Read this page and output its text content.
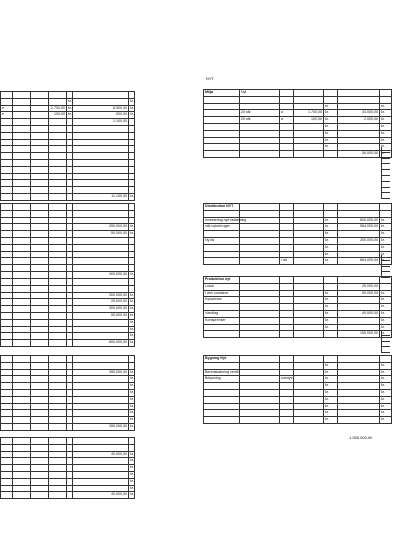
NYT

				kr.		kr.
e			1.700,00	kr.	8.500,00	kr.
e			100,00	kr.	500,00	kr.
					1.100,00	

					11.100,00	kr.

					350.000,00	kr.
					50.000,00	kr.

					400.000,00	kr.

					300.000,00	kr.
					25.000,00	kr.
					300.000,00	kr.
					50.000,00	kr.
						kr.
						kr.
						kr.
					600.000,00	kr.

					350.000,00	kr.
						kr.
						kr.
						kr.
						kr.
						kr.
						kr.
						kr.
					350.000,00	kr.

					40.000,00	kr.
						kr.
						kr.
						kr.
						kr.
						kr.
					40.000,00	kr.
Miljø	Nyt					

				kr.		kr.
	20 stk	a	1.700,00	kr.	34.000,00	kr.
	20 stk	a	100,00	kr.	2.000,00	kr.
				kr.		kr.
				kr.		kr.
				kr.		kr.
				kr.		kr.
					36.000,00	kr.
Distribution NYT						

Investering nye fastanlæg				kr.	600.000,00	kr.
stik nyforbruger				kr.	564.000,00	kr.
				kr.		kr.
Ny fal				kr.	200.000,00	kr.
				kr.		kr.
				kr.		kr.
		I alt		kr.	864.000,00	kr.
Produktion nyt						
Lokal					25.000,00	
I alm container				kr.	90.000,00	kr.
Kylsamme				kr.		kr.
				kr.		kr.
Vandtag				kr.	40.000,00	kr.
Kortsprenser				kr.		kr.
				kr.		kr.
					155.000,00	kr.
Bygning Nyt						
				kr.		kr.
Beredskabning ventil				kr.		kr.
Belysning		overlys		kr.		kr.
				kr.		kr.
				kr.		kr.
				kr.		kr.
				kr.		kr.
				kr.		kr.
				kr.		kr.
1.055.000,00
